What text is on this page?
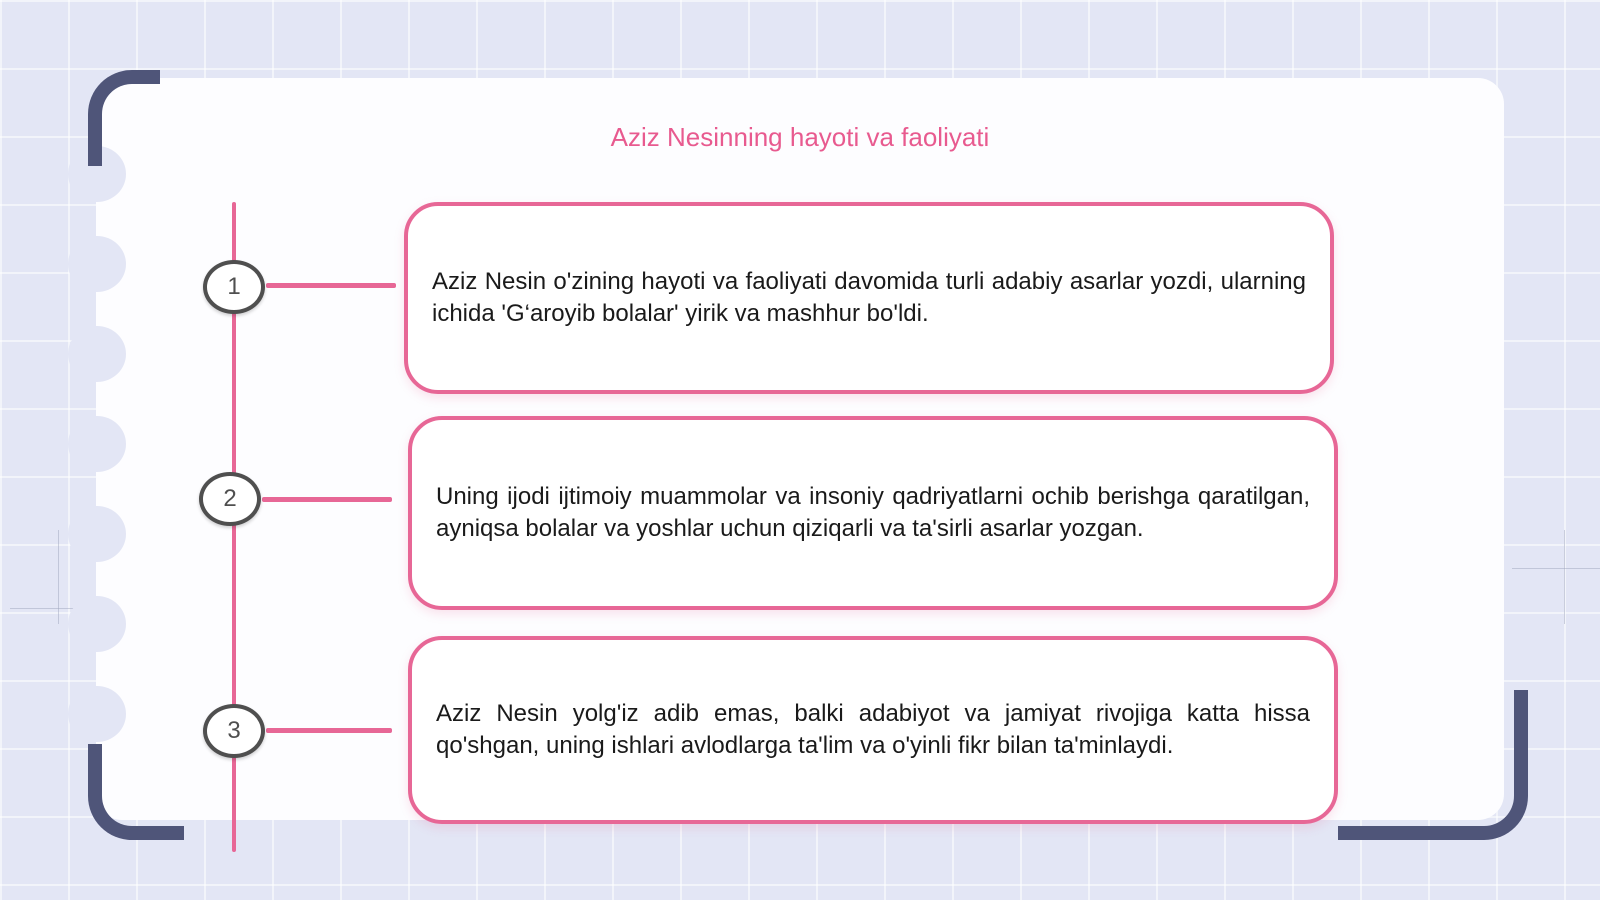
Aziz Nesinning hayoti va faoliyati
1	Aziz Nesin o'zining hayoti va faoliyati davomida turli adabiy asarlar yozdi, ularning ichida 'G‘aroyib bolalar' yirik va mashhur bo'ldi.

2	Uning ijodi ijtimoiy muammolar va insoniy qadriyatlarni ochib berishga qaratilgan, ayniqsa bolalar va yoshlar uchun qiziqarli va ta'sirli asarlar yozgan.

3

Aziz Nesin yolg'iz adib emas, balki adabiyot va jamiyat rivojiga katta hissa qo'shgan, uning ishlari avlodlarga ta'lim va o'yinli fikr bilan ta'minlaydi.
